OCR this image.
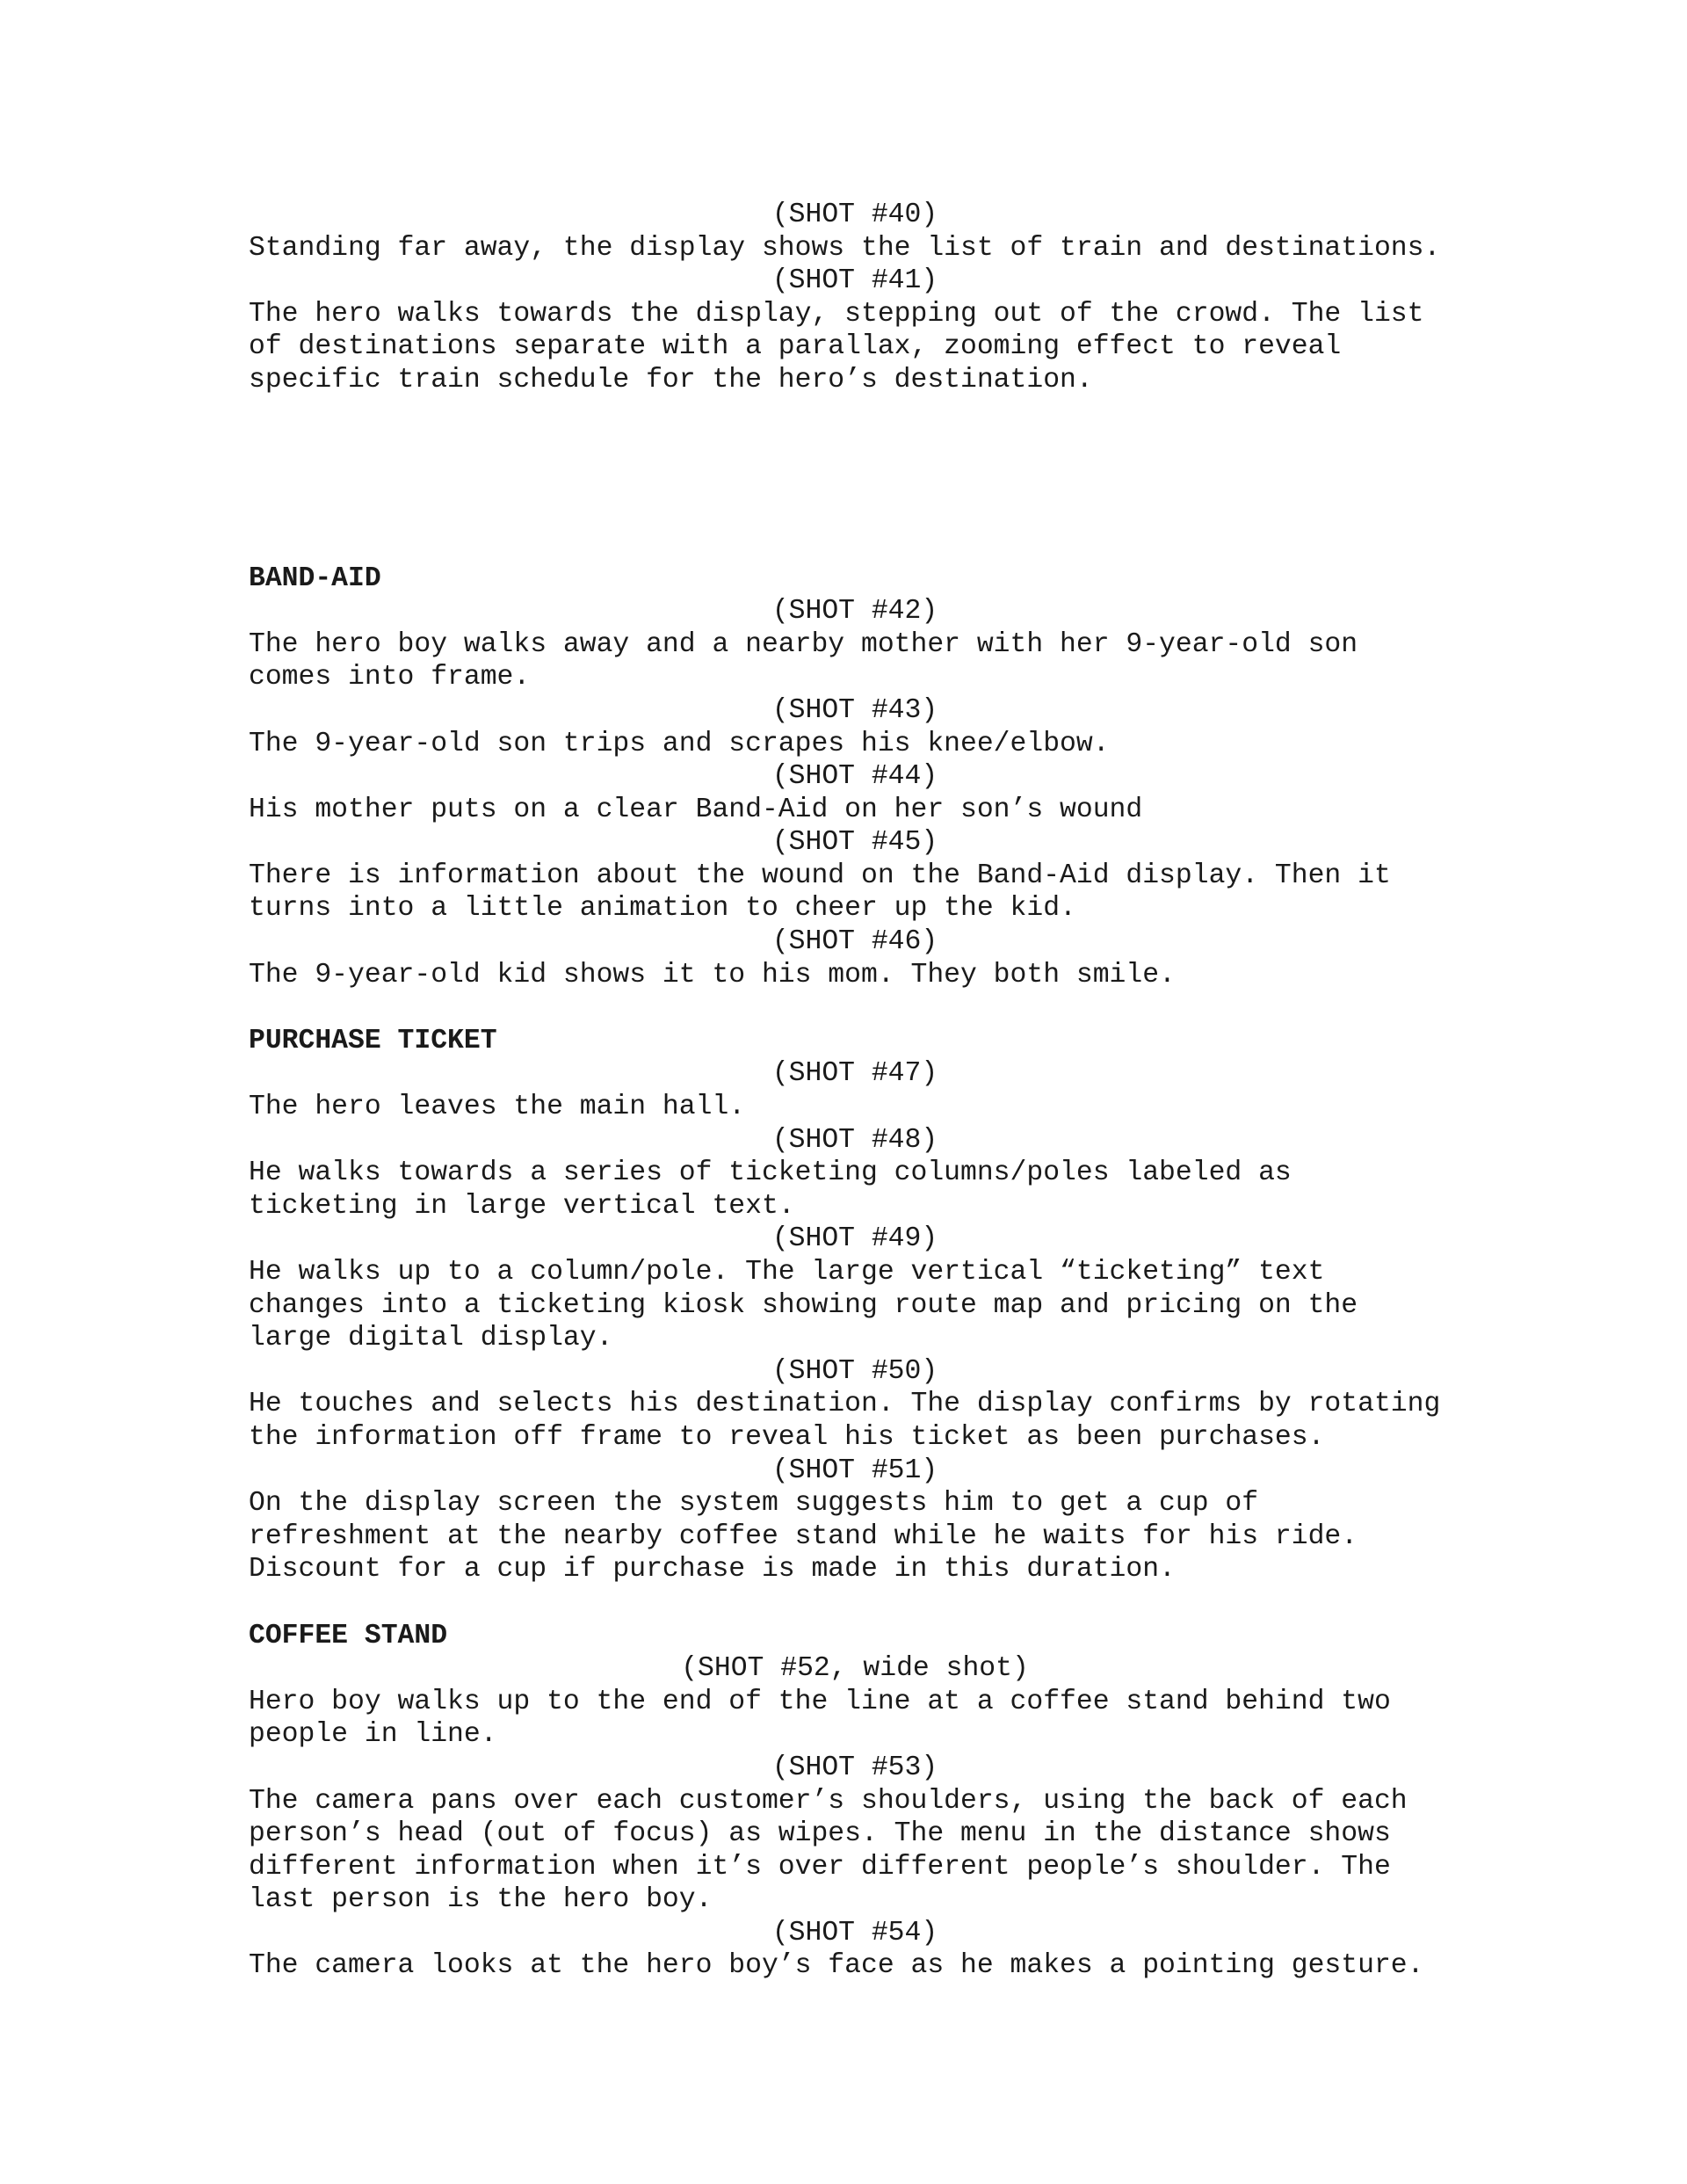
(SHOT #40)
Standing far away, the display shows the list of train and destinations.
(SHOT #41)
The hero walks towards the display, stepping out of the crowd. The list
of destinations separate with a parallax, zooming effect to reveal
specific train schedule for the hero’s destination.
BAND-AID
(SHOT #42)
The hero boy walks away and a nearby mother with her 9-year-old son
comes into frame.
(SHOT #43)
The 9-year-old son trips and scrapes his knee/elbow.
(SHOT #44)
His mother puts on a clear Band-Aid on her son’s wound
(SHOT #45)
There is information about the wound on the Band-Aid display. Then it
turns into a little animation to cheer up the kid.
(SHOT #46)
The 9-year-old kid shows it to his mom. They both smile.
PURCHASE TICKET
(SHOT #47)
The hero leaves the main hall.
(SHOT #48)
He walks towards a series of ticketing columns/poles labeled as
ticketing in large vertical text.
(SHOT #49)
He walks up to a column/pole. The large vertical “ticketing” text
changes into a ticketing kiosk showing route map and pricing on the
large digital display.
(SHOT #50)
He touches and selects his destination. The display confirms by rotating
the information off frame to reveal his ticket as been purchases.
(SHOT #51)
On the display screen the system suggests him to get a cup of
refreshment at the nearby coffee stand while he waits for his ride.
Discount for a cup if purchase is made in this duration.
COFFEE STAND
(SHOT #52, wide shot)
Hero boy walks up to the end of the line at a coffee stand behind two
people in line.
(SHOT #53)
The camera pans over each customer’s shoulders, using the back of each
person’s head (out of focus) as wipes. The menu in the distance shows
different information when it’s over different people’s shoulder. The
last person is the hero boy.
(SHOT #54)
The camera looks at the hero boy’s face as he makes a pointing gesture.
